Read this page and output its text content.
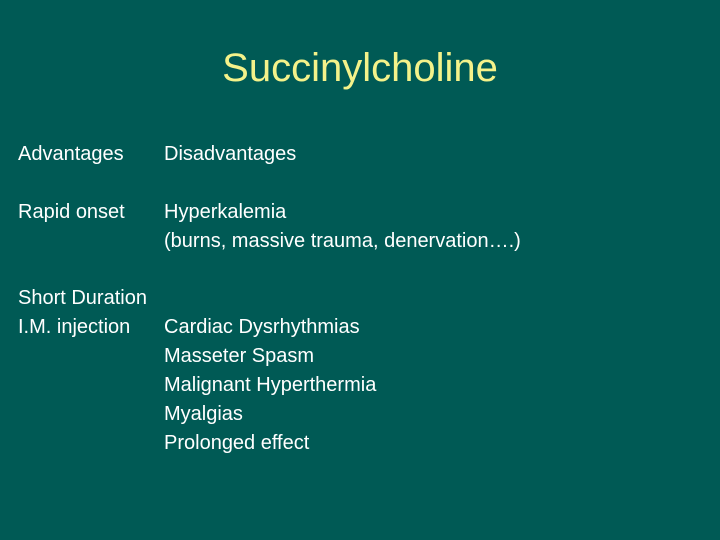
Succinylcholine
Advantages Disadvantages
Rapid onset Hyperkalemia
(burns, massive trauma, denervation….)
Short Duration
I.M. injection Cardiac Dysrhythmias
Masseter Spasm
Malignant Hyperthermia
Myalgias
Prolonged effect
